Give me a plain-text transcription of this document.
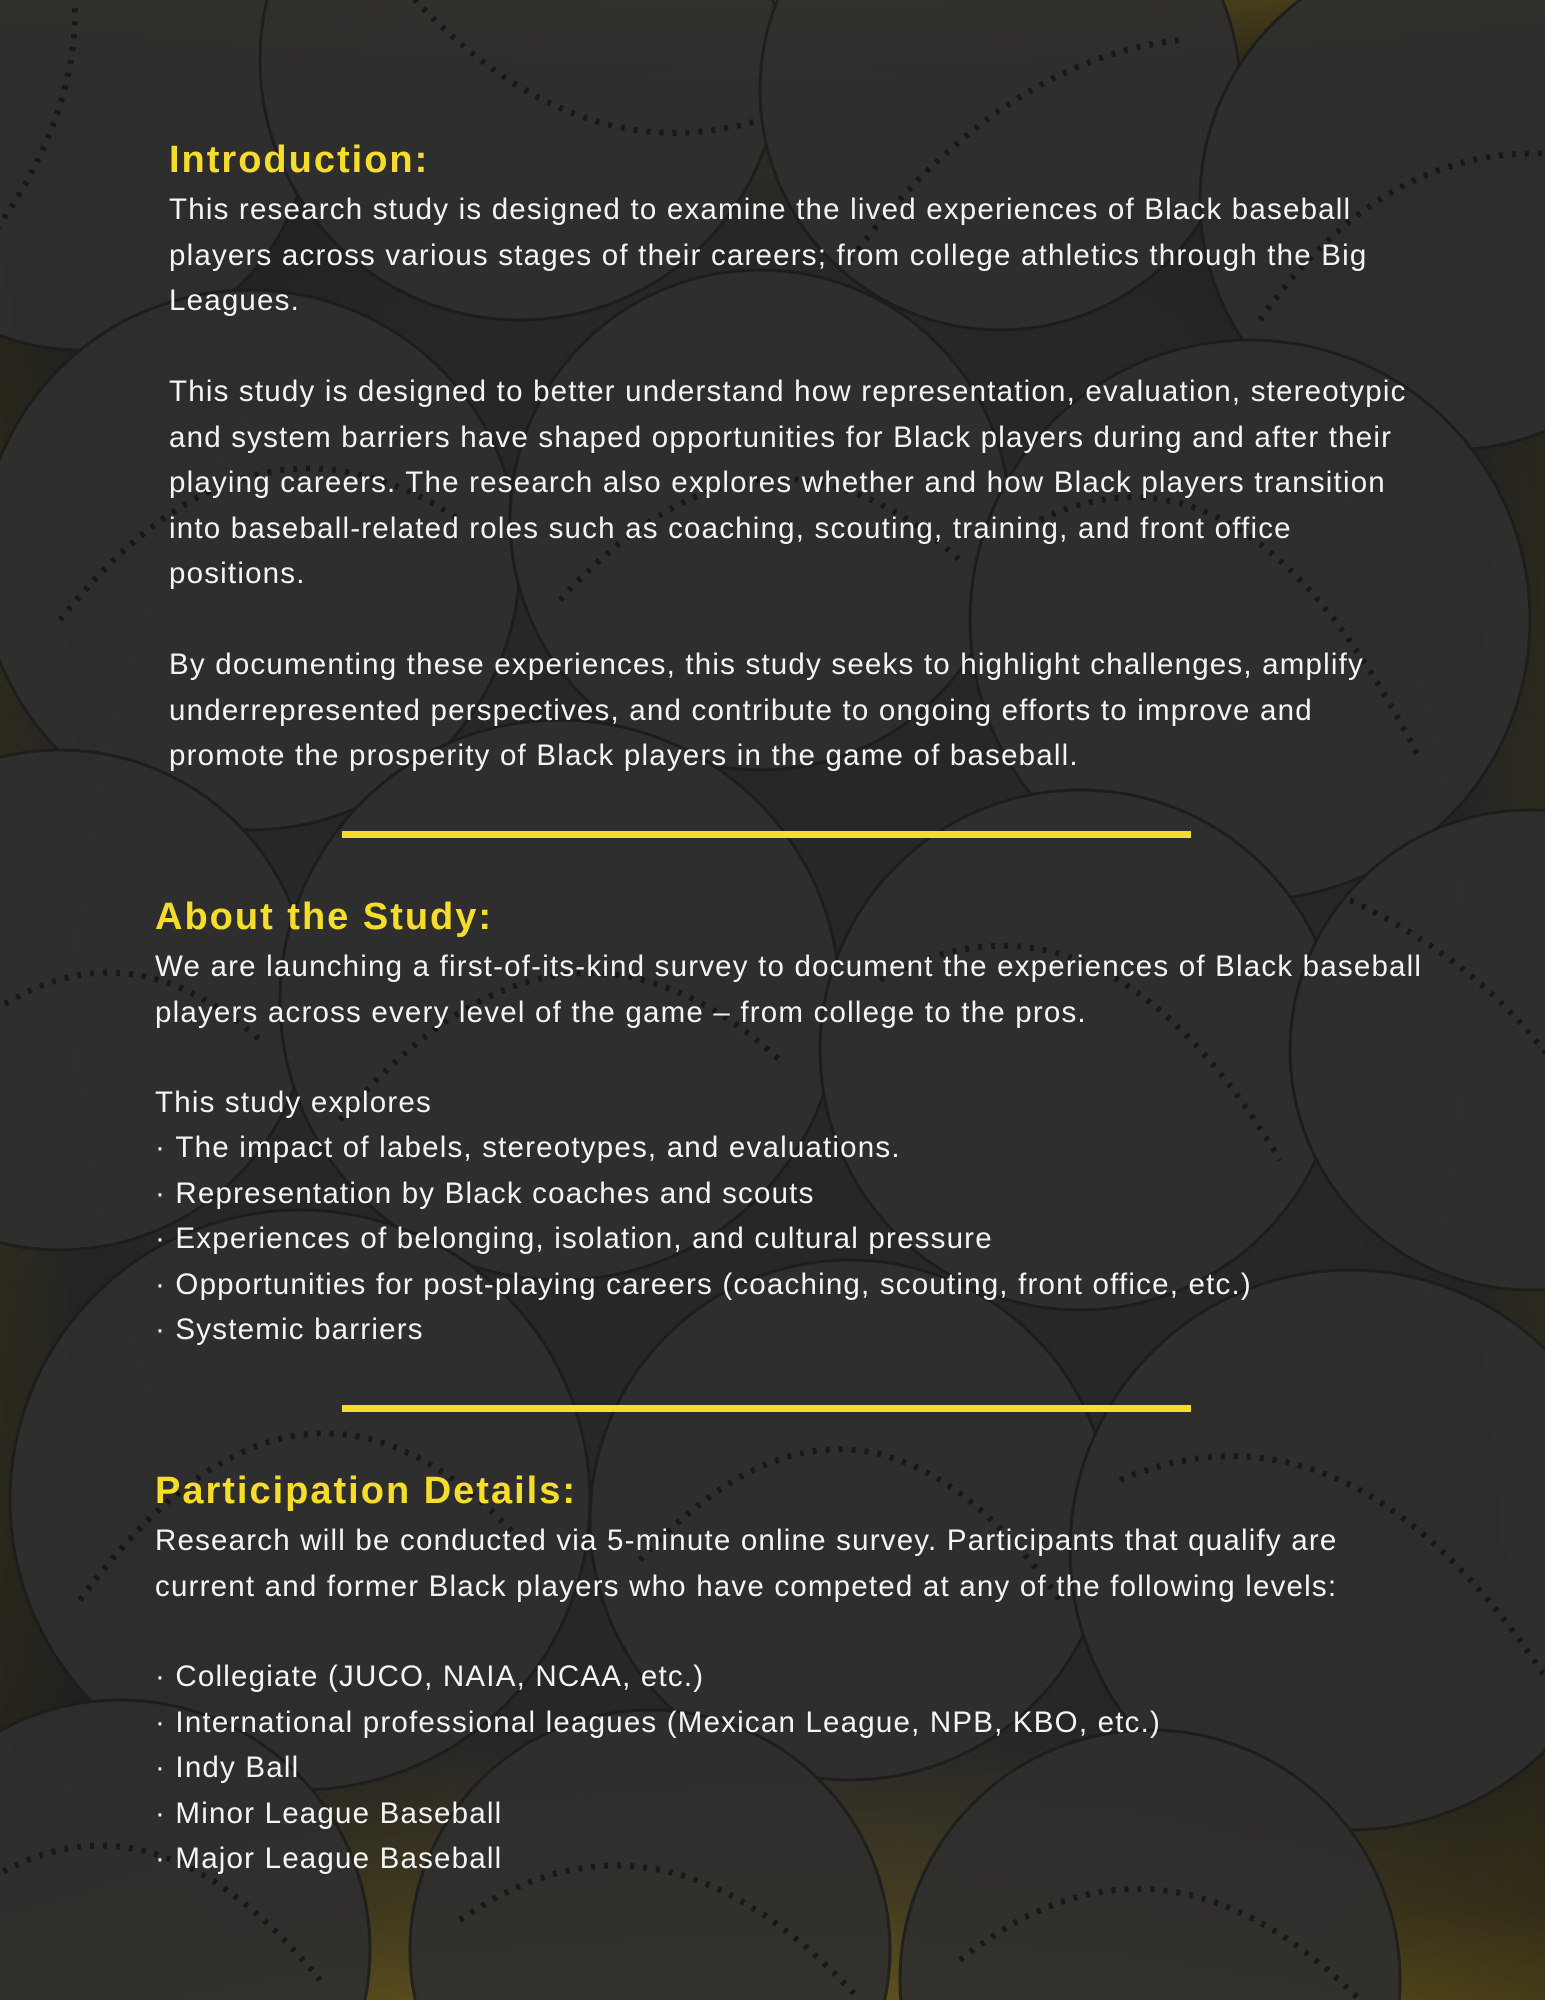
Introduction:

This research study is designed to examine the lived experiences of Black baseball players across various stages of their careers; from college athletics through the Big Leagues.

This study is designed to better understand how representation, evaluation, stereotypic and system barriers have shaped opportunities for Black players during and after their playing careers. The research also explores whether and how Black players transition into baseball-related roles such as coaching, scouting, training, and front office positions.

By documenting these experiences, this study seeks to highlight challenges, amplify underrepresented perspectives, and contribute to ongoing efforts to improve and promote the prosperity of Black players in the game of baseball.

About the Study:

We are launching a first-of-its-kind survey to document the experiences of Black baseball players across every level of the game – from college to the pros.

This study explores

· The impact of labels, stereotypes, and evaluations.
· Representation by Black coaches and scouts
· Experiences of belonging, isolation, and cultural pressure
· Opportunities for post-playing careers (coaching, scouting, front office, etc.)
· Systemic barriers
Participation Details:

Research will be conducted via 5-minute online survey. Participants that qualify are current and former Black players who have competed at any of the following levels:

· Collegiate (JUCO, NAIA, NCAA, etc.)
· International professional leagues (Mexican League, NPB, KBO, etc.)
· Indy Ball
· Minor League Baseball
· Major League Baseball
